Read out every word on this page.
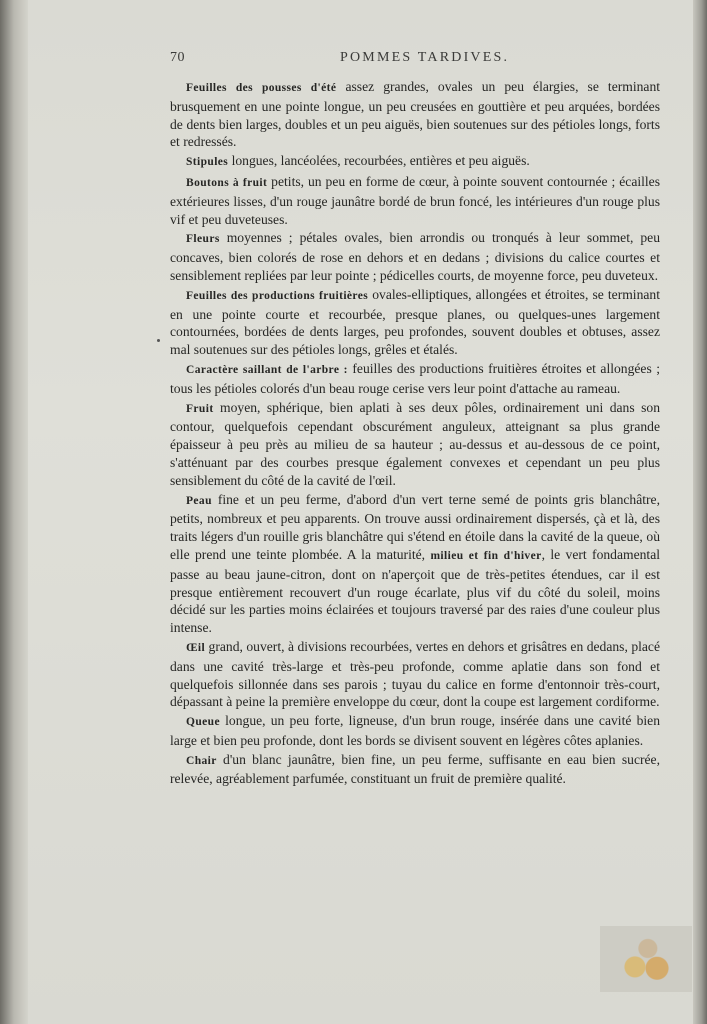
70	POMMES TARDIVES.

Feuilles des pousses d'été assez grandes, ovales un peu élargies, se terminant brusquement en une pointe longue, un peu creusées en gouttière et peu arquées, bordées de dents bien larges, doubles et un peu aiguës, bien soutenues sur des pétioles longs, forts et redressés.

Stipules longues, lancéolées, recourbées, entières et peu aiguës.

Boutons à fruit petits, un peu en forme de cœur, à pointe souvent contournée ; écailles extérieures lisses, d'un rouge jaunâtre bordé de brun foncé, les intérieures d'un rouge plus vif et peu duveteuses.

Fleurs moyennes ; pétales ovales, bien arrondis ou tronqués à leur sommet, peu concaves, bien colorés de rose en dehors et en dedans ; divisions du calice courtes et sensiblement repliées par leur pointe ; pédicelles courts, de moyenne force, peu duveteux.

Feuilles des productions fruitières ovales-elliptiques, allongées et étroites, se terminant en une pointe courte et recourbée, presque planes, ou quelques-unes largement contournées, bordées de dents larges, peu profondes, souvent doubles et obtuses, assez mal soutenues sur des pétioles longs, grêles et étalés.

Caractère saillant de l'arbre : feuilles des productions fruitières étroites et allongées ; tous les pétioles colorés d'un beau rouge cerise vers leur point d'attache au rameau.

Fruit moyen, sphérique, bien aplati à ses deux pôles, ordinairement uni dans son contour, quelquefois cependant obscurément anguleux, atteignant sa plus grande épaisseur à peu près au milieu de sa hauteur ; au-dessus et au-dessous de ce point, s'atténuant par des courbes presque également convexes et cependant un peu plus sensiblement du côté de la cavité de l'œil.

Peau fine et un peu ferme, d'abord d'un vert terne semé de points gris blanchâtre, petits, nombreux et peu apparents. On trouve aussi ordinairement dispersés, çà et là, des traits légers d'un rouille gris blanchâtre qui s'étend en étoile dans la cavité de la queue, où elle prend une teinte plombée. A la maturité, milieu et fin d'hiver, le vert fondamental passe au beau jaune-citron, dont on n'aperçoit que de très-petites étendues, car il est presque entièrement recouvert d'un rouge écarlate, plus vif du côté du soleil, moins décidé sur les parties moins éclairées et toujours traversé par des raies d'une couleur plus intense.

Œil grand, ouvert, à divisions recourbées, vertes en dehors et grisâtres en dedans, placé dans une cavité très-large et très-peu profonde, comme aplatie dans son fond et quelquefois sillonnée dans ses parois ; tuyau du calice en forme d'entonnoir très-court, dépassant à peine la première enveloppe du cœur, dont la coupe est largement cordiforme.

Queue longue, un peu forte, ligneuse, d'un brun rouge, insérée dans une cavité bien large et bien peu profonde, dont les bords se divisent souvent en légères côtes aplanies.

Chair d'un blanc jaunâtre, bien fine, un peu ferme, suffisante en eau bien sucrée, relevée, agréablement parfumée, constituant un fruit de première qualité.
